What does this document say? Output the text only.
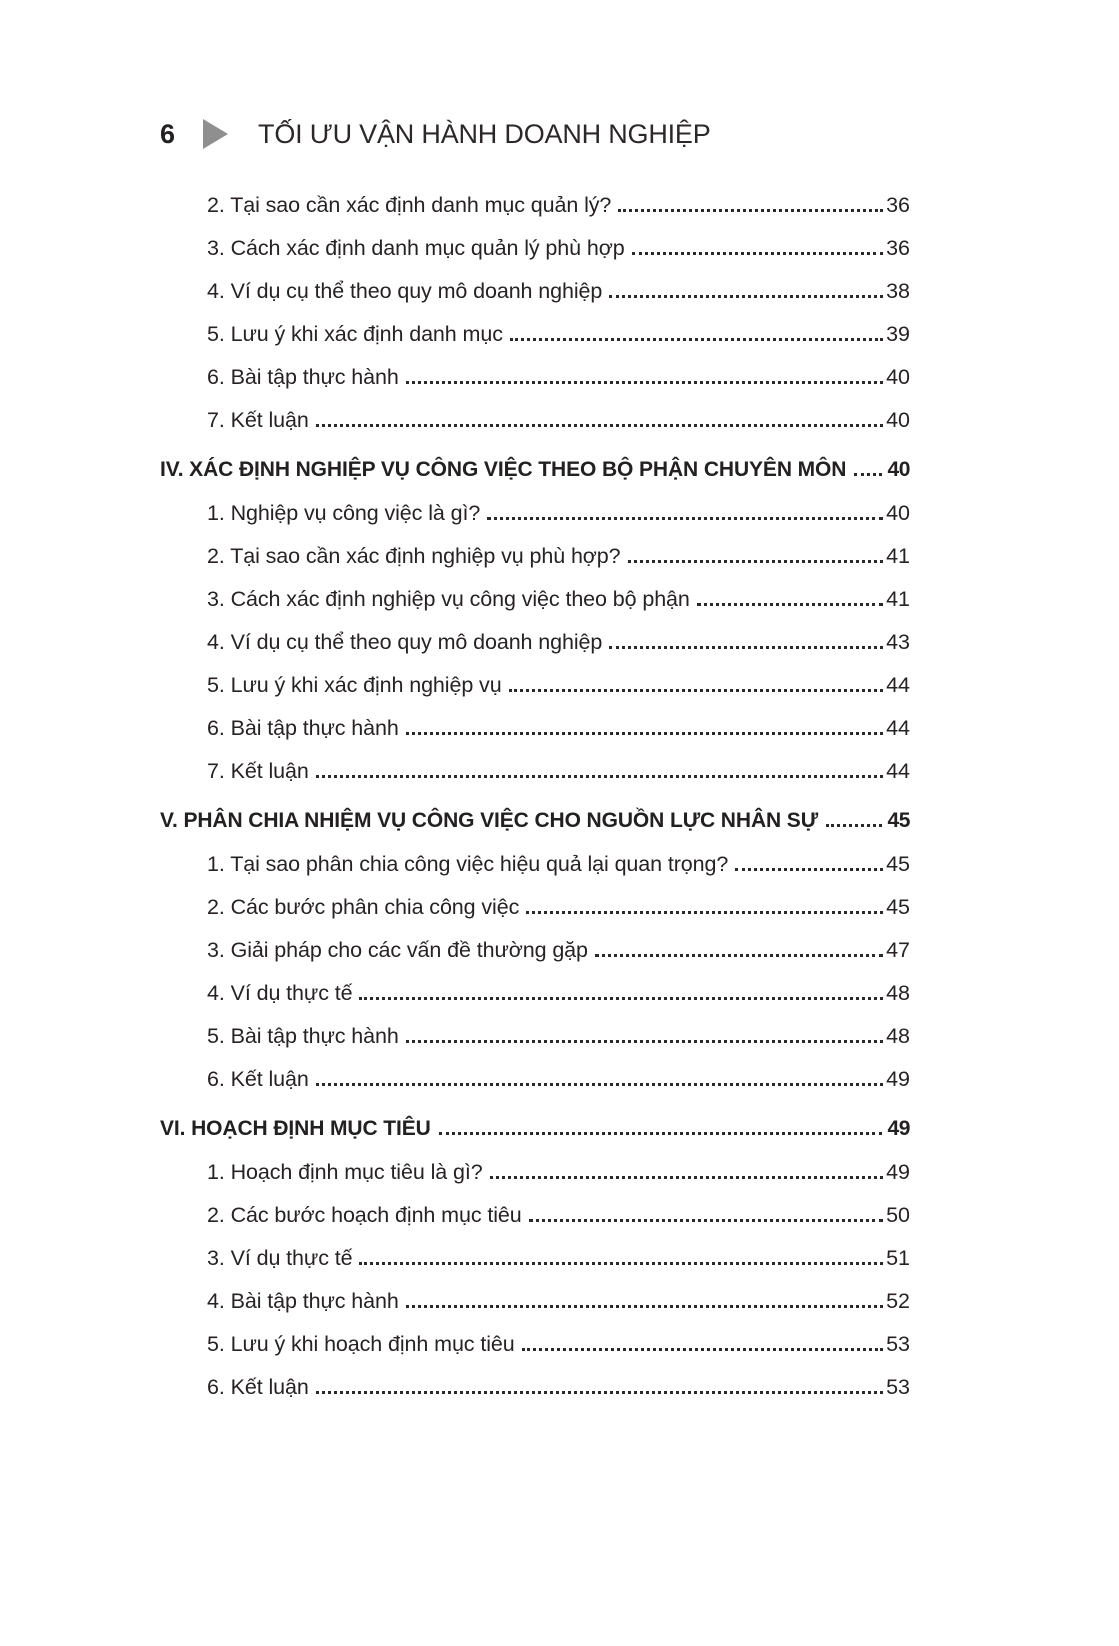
6	TỐI ƯU VẬN HÀNH DOANH NGHIỆP
2. Tại sao cần xác định danh mục quản lý?	36
3. Cách xác định danh mục quản lý phù hợp	36
4. Ví dụ cụ thể theo quy mô doanh nghiệp	38
5. Lưu ý khi xác định danh mục	39
6. Bài tập thực hành	40
7. Kết luận	40
IV. XÁC ĐỊNH NGHIỆP VỤ CÔNG VIỆC THEO BỘ PHẬN CHUYÊN MÔN 40
1. Nghiệp vụ công việc là gì?	40
2. Tại sao cần xác định nghiệp vụ phù hợp?	41
3. Cách xác định nghiệp vụ công việc theo bộ phận	41
4. Ví dụ cụ thể theo quy mô doanh nghiệp	43
5. Lưu ý khi xác định nghiệp vụ	44
6. Bài tập thực hành	44
7. Kết luận	44
V. PHÂN CHIA NHIỆM VỤ CÔNG VIỆC CHO NGUỒN LỰC NHÂN SỰ	45
1. Tại sao phân chia công việc hiệu quả lại quan trọng?	45
2. Các bước phân chia công việc	45
3. Giải pháp cho các vấn đề thường gặp	47
4. Ví dụ thực tế	48
5. Bài tập thực hành	48
6. Kết luận	49
VI. HOẠCH ĐỊNH MỤC TIÊU	49
1. Hoạch định mục tiêu là gì?	49
2. Các bước hoạch định mục tiêu	50
3. Ví dụ thực tế	51
4. Bài tập thực hành	52
5. Lưu ý khi hoạch định mục tiêu	53
6. Kết luận	53
